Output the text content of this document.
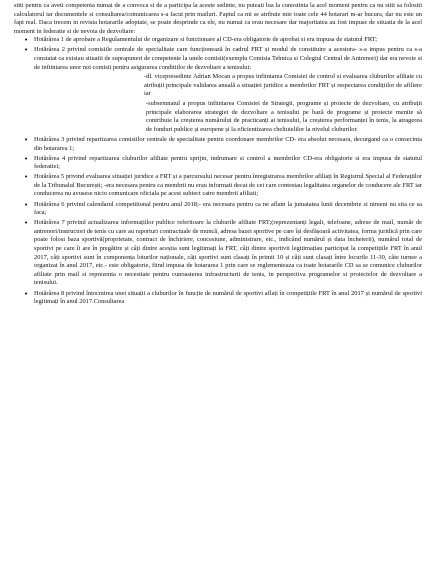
stiti pentru ca aveti competenta numai de a convoca si de a participa la aceste sedinte, nu puteati lua la cunostinta la acel moment pentru ca nu stiti sa folositi calculatorul iar documentele si consultarea/comunicarea s-a facut prin mailuri. Faptul ca mi se atribuie mie toate cele 44 hotarari m-ar bucura, dar nu este un fapt real. Daca trecem in revista hotararile adoptate, se poate desprinde ca ele, nu numai ca erau necesare dar majoritatea au fost impuse de situatia de la acel moment in federatie si de nevoia de dezvoltare:

• Hotărârea 1 de aprobare a Regulamentului de organizare si functionare al CD-era obligatorie de aprobat si era impusa de statutul FRT;
• Hotărârea 2 privind comisiile centrale de specialitate care funcționează în cadrul FRT și modul de constituire a acestora- s-a impus pentru ca s-a constatat ca existau situatii de suprapuneri de competente la unele comisii(exemplu Comisia Tehnica si Colegiul Central de Antrenori) dar era nevoie si de infiintarea unor noi comisii pentru asigurarea conditiilor de dezvoltare a tenisului:
-dl. vicepresedinte Adrian Mocan a propus infiintarea Comisiei de control si evaluarea cluburilor afiliate cu atribuții principale validarea anuală a situației juridice a membrilor FRT și respectarea condițiilor de afiliere iar
-subsemnatul a propus infiintarea Comisiei de Strategii, programe și proiecte de dezvoltare, cu atribuții principale elaborarea strategiei de dezvoltare a tenisului pe bază de programe și proiecte menite să contribuie la creșterea numărului de practicanți ai tenisului, la creșterea performanței în tenis, la atragerea de fonduri publice și europene și la eficientizarea cheltuielilor la nivelul cluburilor.
• Hotărârea 3 privind repartizarea comisiilor centrale de specialitate pentru coordonare membrilor CD- era absolut necesara, decurgand ca o consecinta din hotararea 1;
• Hotărârea 4 privind repartizarea cluburilor afiliate pentru sprijin, indrumare si control a membrilor CD-era obligatorie si era impusa de statutul federatiei;
• Hotărârea 5 privind evaluarea situației juridice a FRT și a parcursului necesar pentru înregistrarea membrilor afiliați în Registrul Special al Federațiilor de la Tribunalul București; -era necesara pentru ca membrii nu erau informati decat de cei care contestau legalitatea organelor de conducere ale FRT iar conducerea nu avusese nicio comunicare oficiala pe acest subiect catre membrii afiliati;
• Hotărârea 6 privind calendarul competitional pentru anul 2018;- era necesara pentru ca ne aflam la jumatatea lunii decembrie si nimeni nu stia ce sa faca;
• Hotărârea 7 privind actualizarea informațiilor publice referitoare la cluburile afiliate FRT;(reprezentanți legali, telefoane, adrese de mail, număr de antrenori/instructori de tenis cu care au raporturi contractuale de muncă, adresa bazei sportive pe care își desfășoară activitatea, forma juridică prin care poate folosi baza sportivă(proprietate, contract de închiriere, concesiune, administrare, etc., indicând numărul și data încheierii), numărul total de sportivi pe care îi are în pregătire și câți dintre aceștia sunt legitimați la FRT, câți dintre sportivii legitimațiau participat la competițiile FRT în anul 2017, câți sportivi sunt în componența loturilor naționale, câți sportivi sunt clasați în primii 10 și câți sunt clasați între locurile 11-30, câte turnee a organizat în anul 2017, etc.- este obligatorie, fiind impusa de hotararea 1 prin care se reglementeaza ca toate hotararile CD sa se comunice cluburilor afiliate prin mail si reprezenta o necesitate pentru cunoasterea infrastructurii de tenis, in perspectiva programelor si proiectelor de dezvoltare a tenisului.
• Hotărârea 8 privind întocmirea unei situații a cluburilor în funcție de numărul de sportivi aflați în competițiile FRT în anul 2017 și numărul de sportivi legitimați în anul 2017.Consultarea
